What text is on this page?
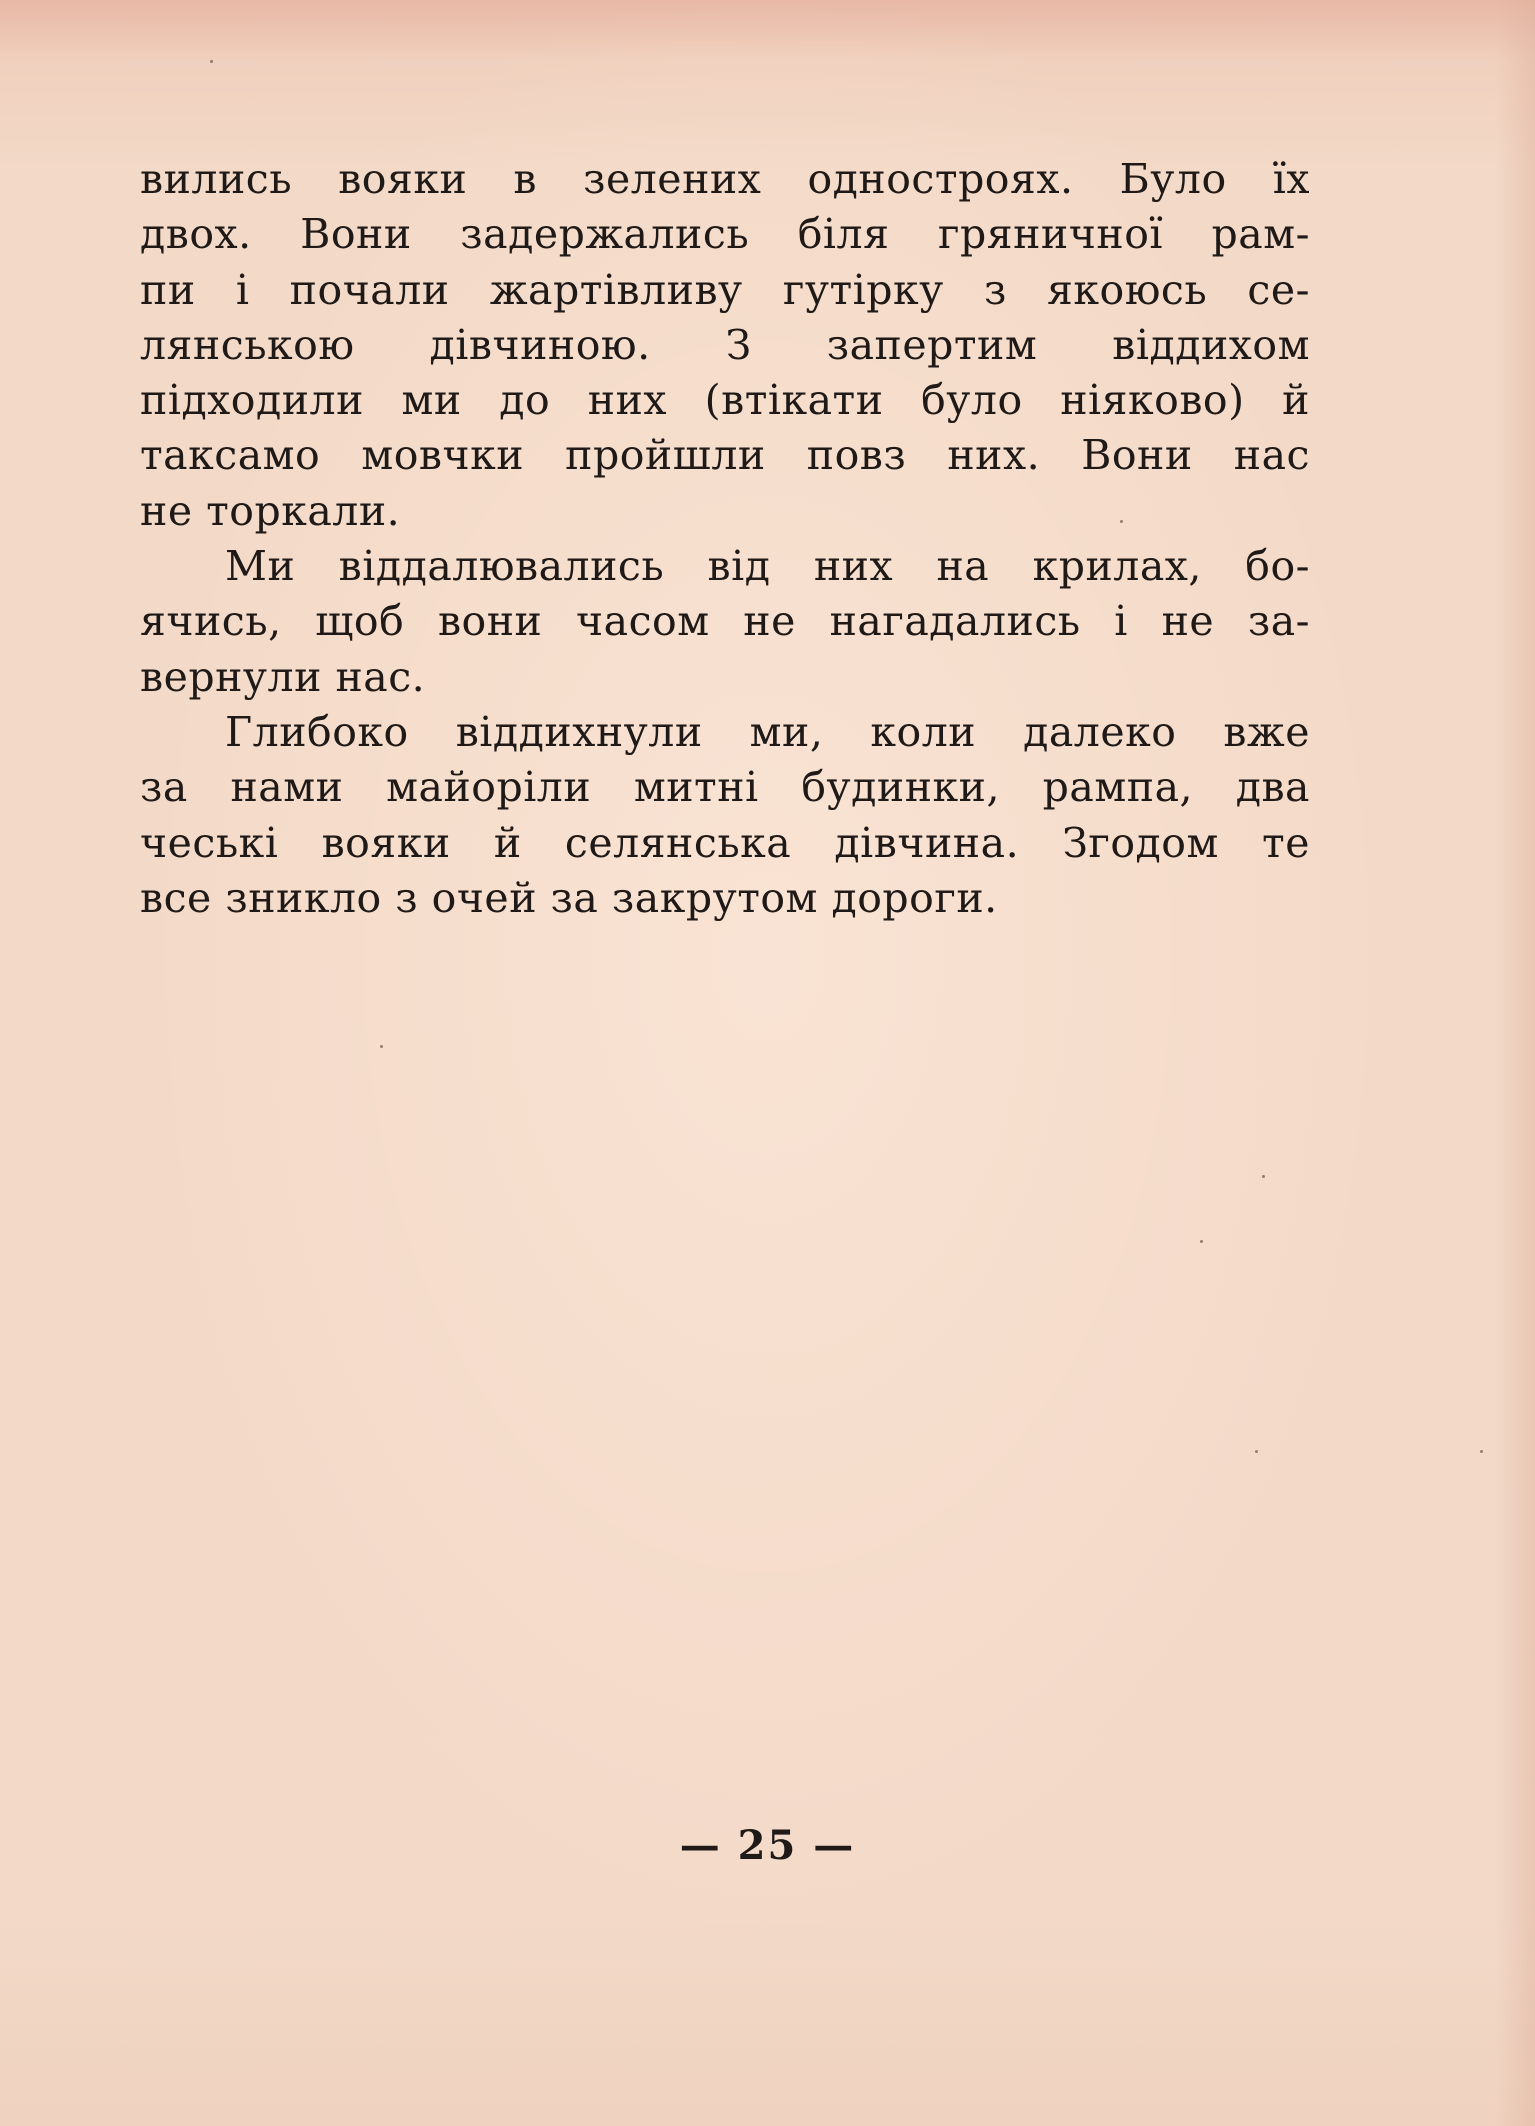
вились вояки в зелених одностроях. Було їх
двох. Вони задержались біля гряничної рам-
пи і почали жартівливу гутірку з якоюсь се-
лянською дівчиною. З запертим віддихом
підходили ми до них (втікати було ніяково) й
таксамо мовчки пройшли повз них. Вони нас
не торкали.
Ми віддалювались від них на крилах, бо-
ячись, щоб вони часом не нагадались і не за-
вернули нас.
Глибоко віддихнули ми, коли далеко вже
за нами майоріли митні будинки, рампа, два
чеські вояки й селянська дівчина. Згодом те
все зникло з очей за закрутом дороги.
— 25 —
